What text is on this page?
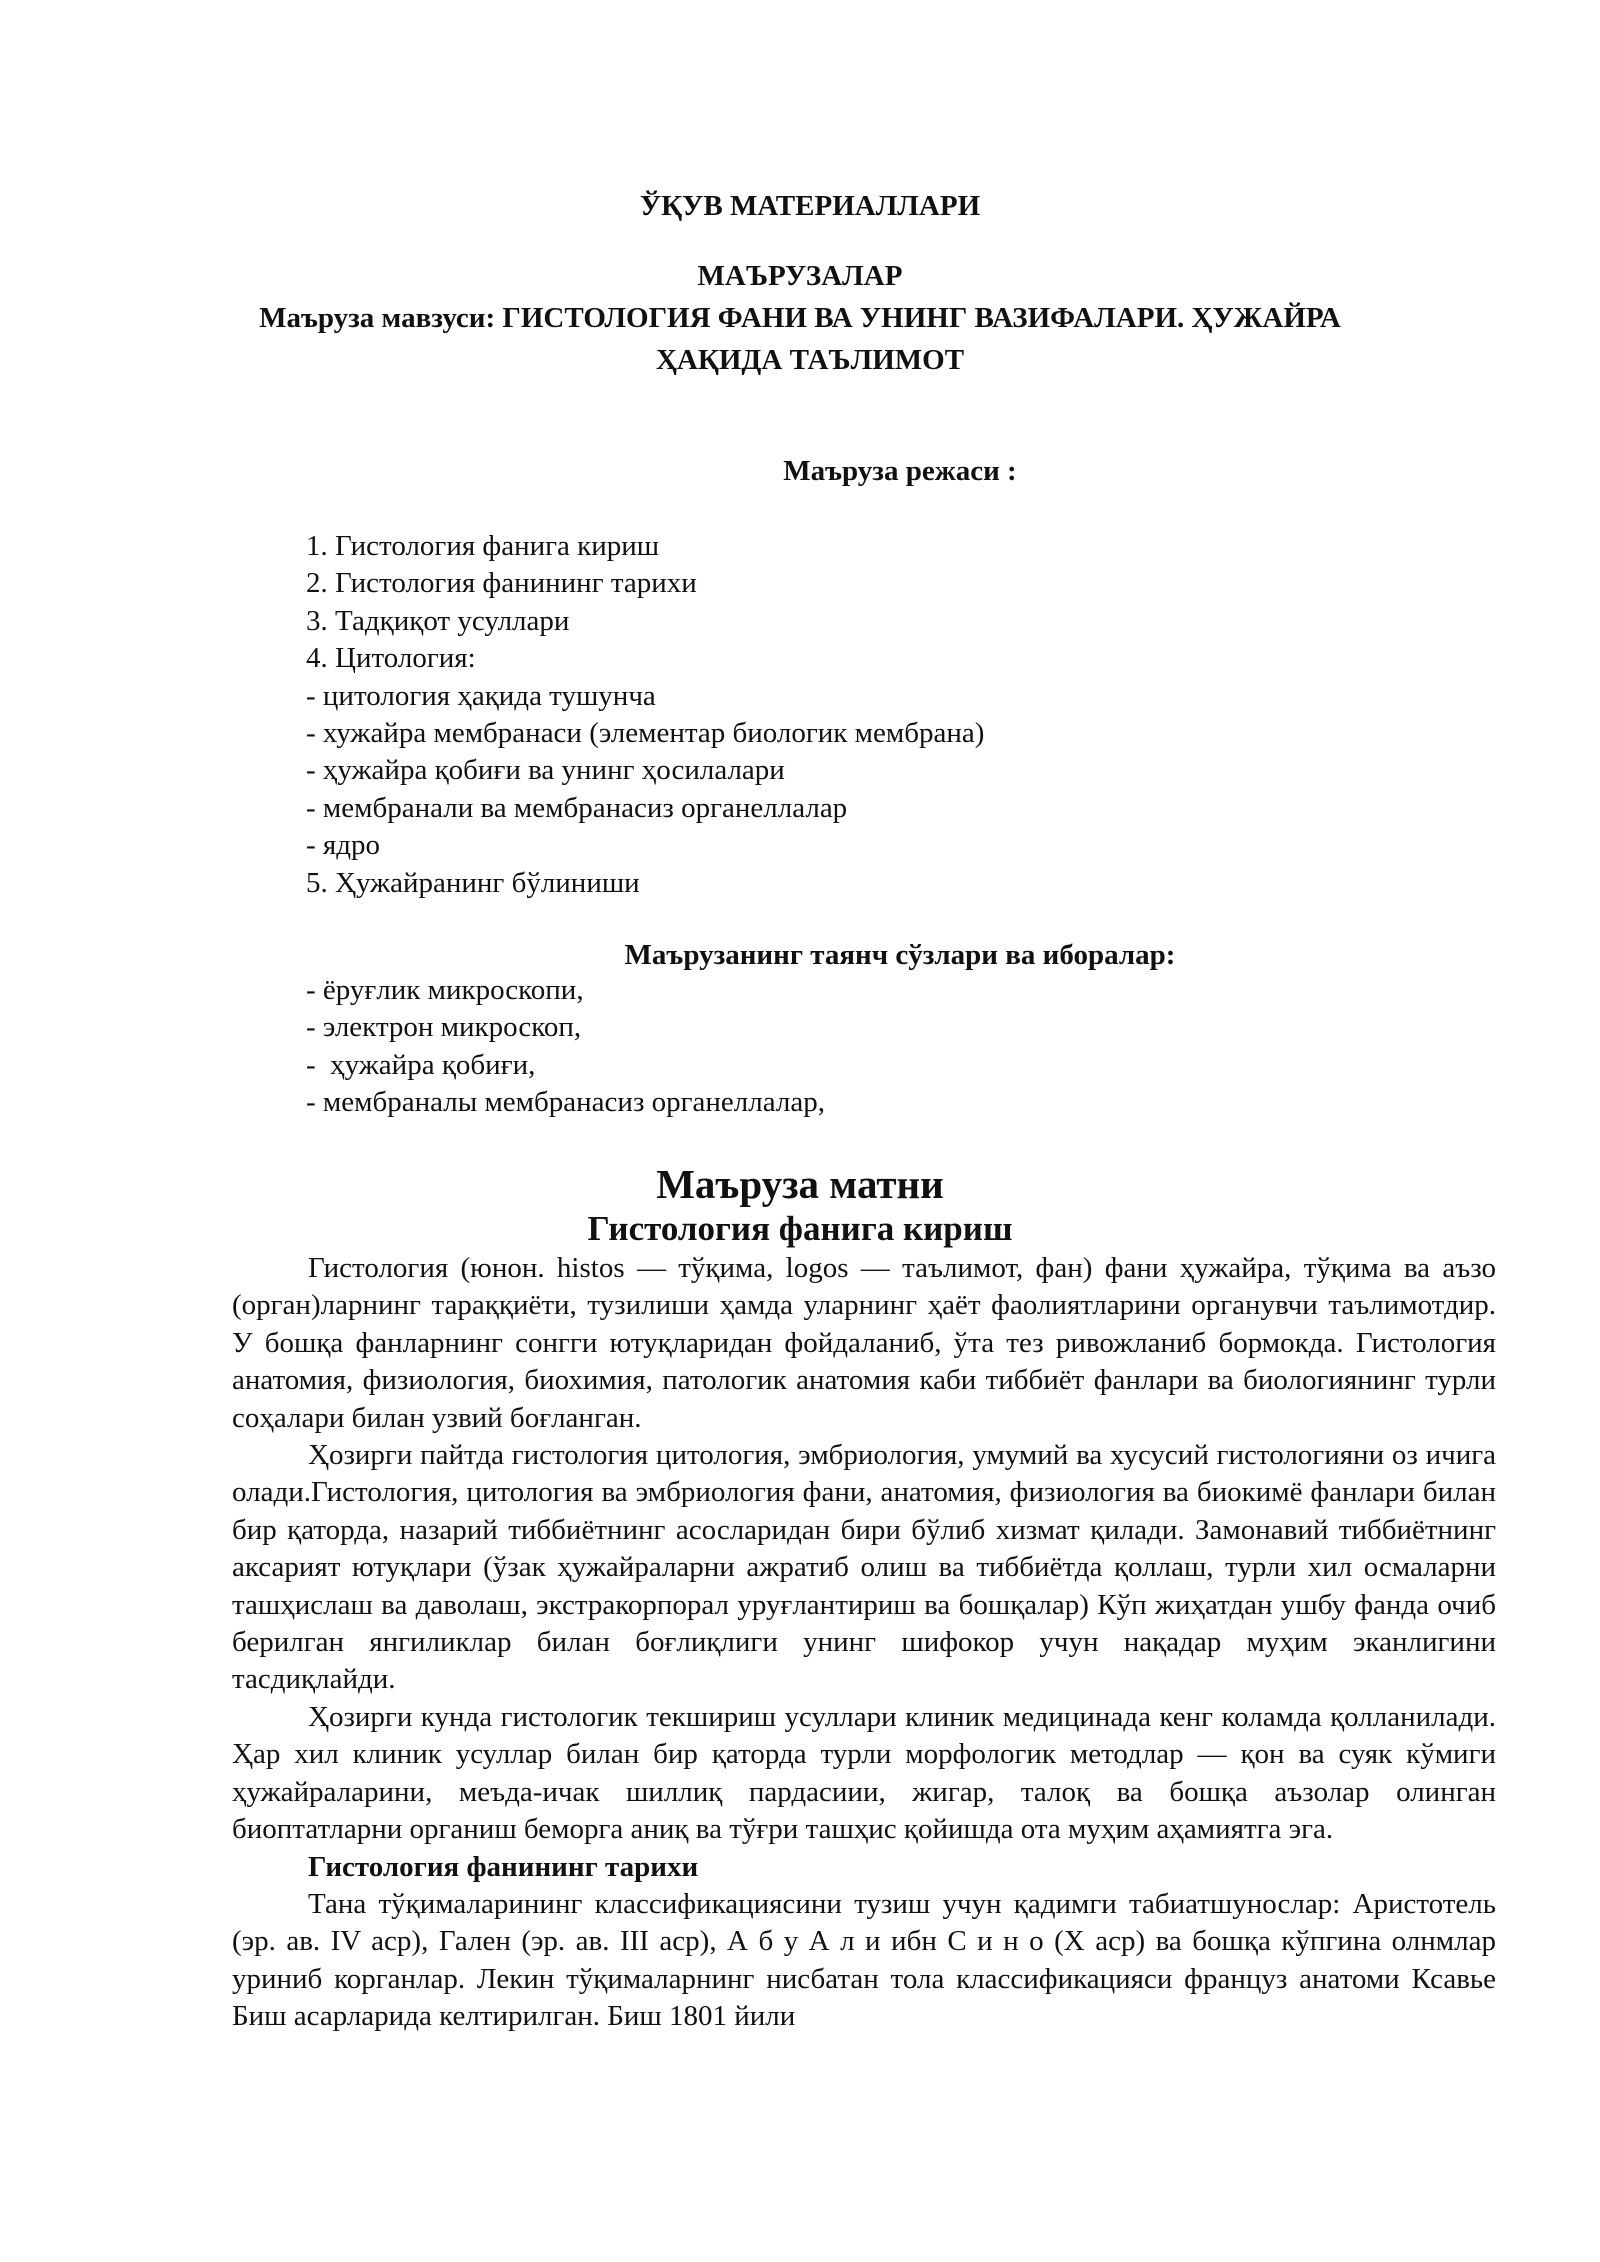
ЎҚУВ МАТЕРИАЛЛАРИ
МАЪРУЗАЛАР
Маъруза мавзуси: ГИСТОЛОГИЯ ФАНИ ВА УНИНГ ВАЗИФАЛАРИ. ҲУЖАЙРА
ҲАҚИДА ТАЪЛИМОТ
Маъруза режаси :
1. Гистология фанига кириш
2. Гистология фанининг тарихи
3. Тадқиқот усуллари
4. Цитология:
- цитология ҳақида тушунча
- хужайра мембранаси (элементар биологик мембрана)
- ҳужайра қобиғи ва унинг ҳосилалари
- мембранали ва мембранасиз органеллалар
- ядро
5. Ҳужайранинг бўлиниши
Маърузанинг таянч сўзлари ва иборалар:
- ёруғлик микроскопи,
- электрон микроскоп,
-  ҳужайра қобиғи,
- мембраналы мембранасиз органеллалар,
Маъруза матни
Гистология фанига кириш

Гистология (юнон. histos — тўқима, logos — таълимот, фан) фани ҳужайра, тўқима ва аъзо (орган)ларнинг тараққиёти, тузилиши ҳамда уларнинг ҳаёт фаолиятларини органувчи таълимотдир. У бошқа фанларнинг сонгги ютуқларидан фойдаланиб, ўта тез ривожланиб бормокда. Гистология анатомия, физиология, биохимия, патологик анатомия каби тиббиёт фанлари ва биологиянинг турли соҳалари билан узвий боғланган.

Ҳозирги пайтда гистология цитология, эмбриология, умумий ва хусусий гистологияни оз ичига олади.Гистология, цитология ва эмбриология фани, анатомия, физиология ва биокимё фанлари билан бир қаторда, назарий тиббиётнинг асосларидан бири бўлиб хизмат қилади. Замонавий тиббиётнинг аксарият ютуқлари (ўзак ҳужайраларни ажратиб олиш ва тиббиётда қоллаш, турли хил осмаларни ташҳислаш ва даволаш, экстракорпорал уруғлантириш ва бошқалар) Кўп жиҳатдан ушбу фанда очиб берилган янгиликлар билан боғлиқлиги унинг шифокор учун нақадар муҳим эканлигини тасдиқлайди.

Ҳозирги кунда гистологик текшириш усуллари клиник медицинада кенг коламда қолланилади. Ҳар хил клиник усуллар билан бир қаторда турли морфологик методлар — қон ва суяк кўмиги ҳужайраларини, меъда-ичак шиллиқ пардасиии, жигар, талоқ ва бошқа аъзолар олинган биоптатларни органиш беморга аниқ ва тўғри ташҳис қойишда ота муҳим аҳамиятга эга.

Гистология фанининг тарихи

Тана тўқималарининг классификациясини тузиш учун қадимги табиатшунослар: Аристотель (эр. ав. IV аср), Гален (эр. ав. III аср), А б у А л и ибн С и н о (X аср) ва бошқа кўпгина олнмлар уриниб корганлар. Лекин тўқималарнинг нисбатан тола классификацияси француз анатоми Ксавье Биш асарларида келтирилган. Биш 1801 йили
